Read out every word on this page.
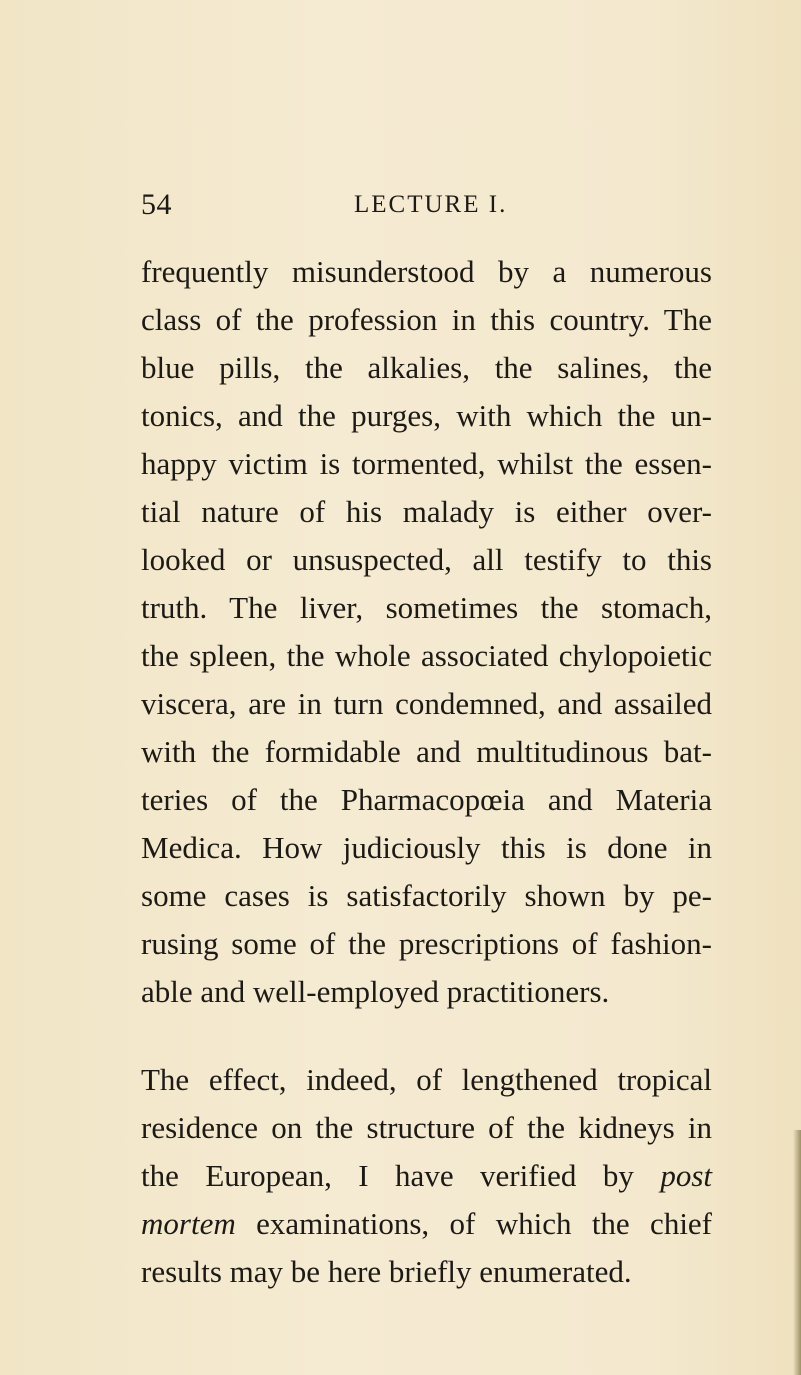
54	LECTURE I.
frequently misunderstood by a numerous
class of the profession in this country. The
blue pills, the alkalies, the salines, the
tonics, and the purges, with which the un-
happy victim is tormented, whilst the essen-
tial nature of his malady is either over-
looked or unsuspected, all testify to this
truth. The liver, sometimes the stomach,
the spleen, the whole associated chylopoietic
viscera, are in turn condemned, and assailed
with the formidable and multitudinous bat-
teries of the Pharmacopœia and Materia
Medica. How judiciously this is done in
some cases is satisfactorily shown by pe-
rusing some of the prescriptions of fashion-
able and well-employed practitioners.
The effect, indeed, of lengthened tropical
residence on the structure of the kidneys in
the European, I have verified by post
mortem examinations, of which the chief
results may be here briefly enumerated.
